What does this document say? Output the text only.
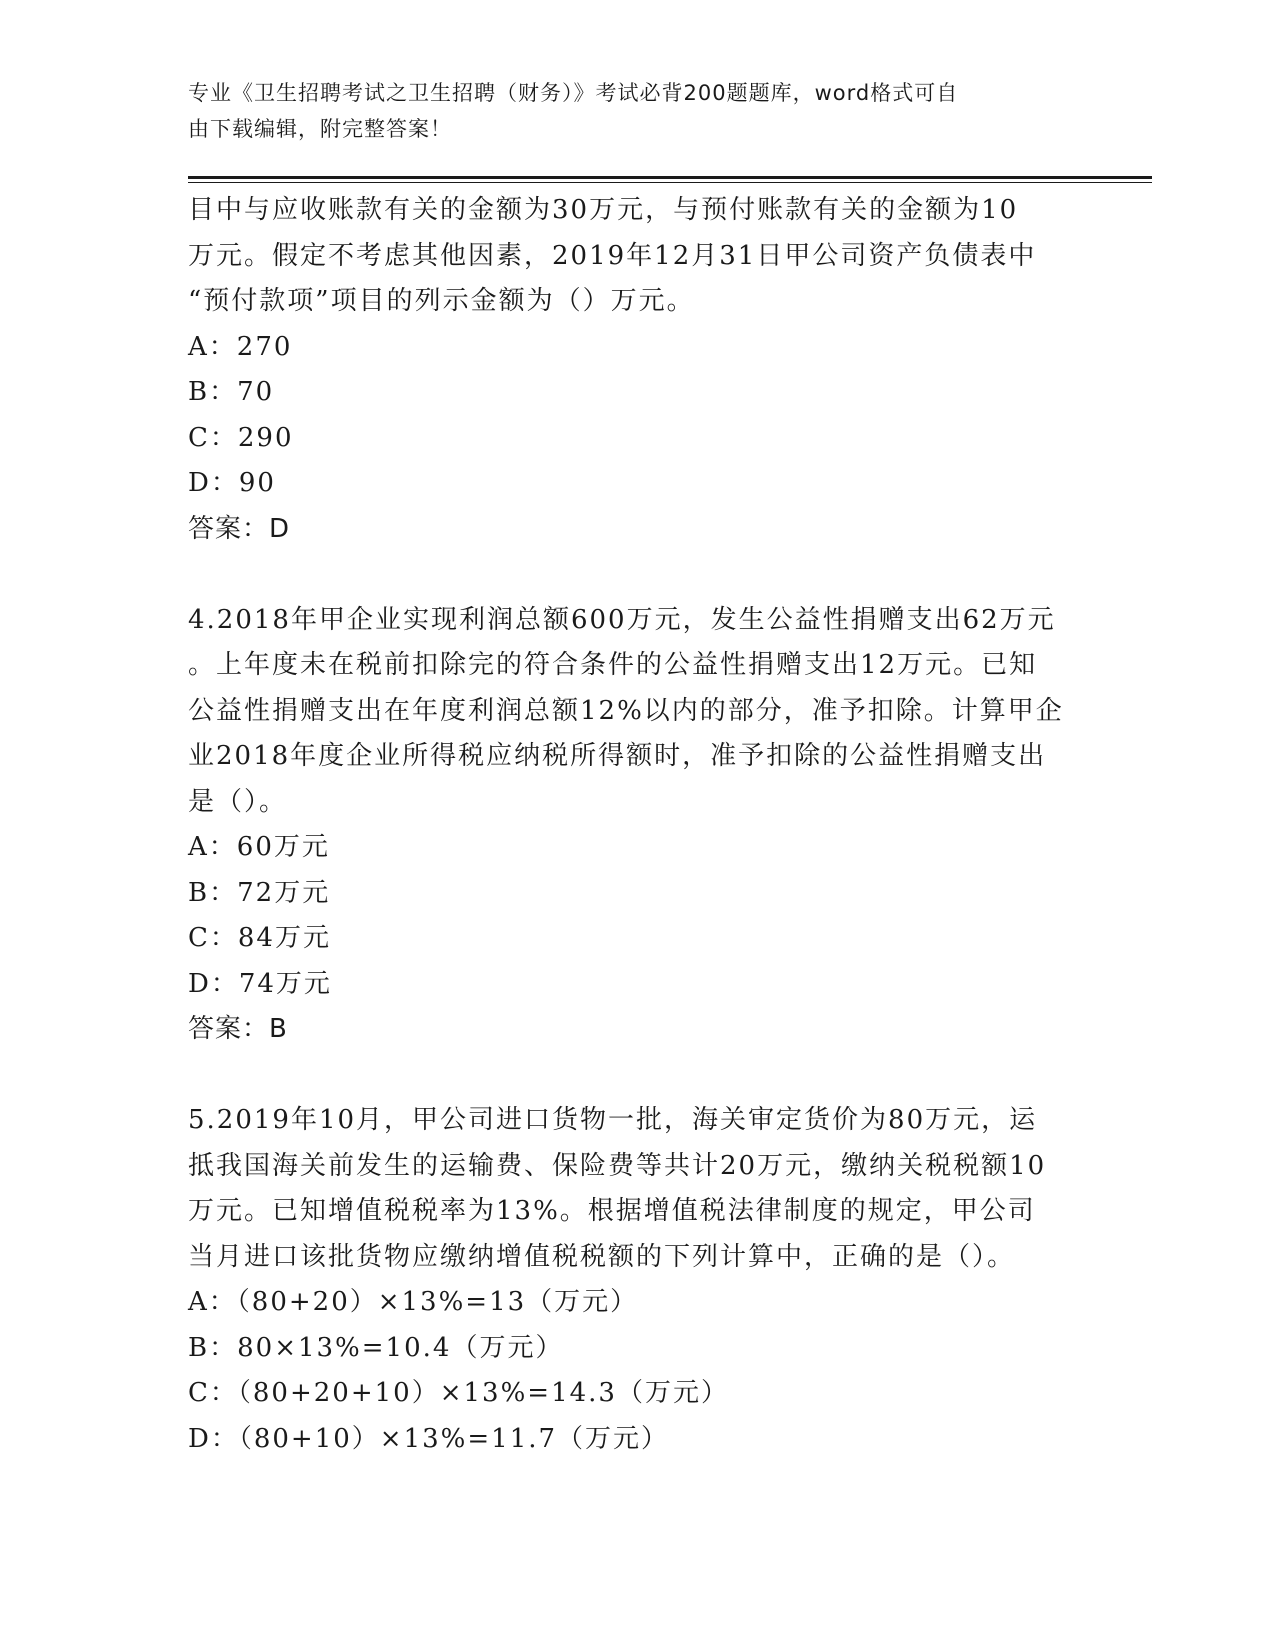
专业《卫生招聘考试之卫生招聘（财务）》考试必背200题题库，word格式可自
由下载编辑，附完整答案！
目中与应收账款有关的金额为30万元，与预付账款有关的金额为10
万元。假定不考虑其他因素，2019年12月31日甲公司资产负债表中
“预付款项”项目的列示金额为（）万元。
A：270
B：70
C：290
D：90
答案：D
4.2018年甲企业实现利润总额600万元，发生公益性捐赠支出62万元
。上年度未在税前扣除完的符合条件的公益性捐赠支出12万元。已知
公益性捐赠支出在年度利润总额12%以内的部分，准予扣除。计算甲企
业2018年度企业所得税应纳税所得额时，准予扣除的公益性捐赠支出
是（）。
A：60万元
B：72万元
C：84万元
D：74万元
答案：B
5.2019年10月，甲公司进口货物一批，海关审定货价为80万元，运
抵我国海关前发生的运输费、保险费等共计20万元，缴纳关税税额10
万元。已知增值税税率为13%。根据增值税法律制度的规定，甲公司
当月进口该批货物应缴纳增值税税额的下列计算中，正确的是（）。
A：（80+20）×13%=13（万元）
B：80×13%=10.4（万元）
C：（80+20+10）×13%=14.3（万元）
D：（80+10）×13%=11.7（万元）
